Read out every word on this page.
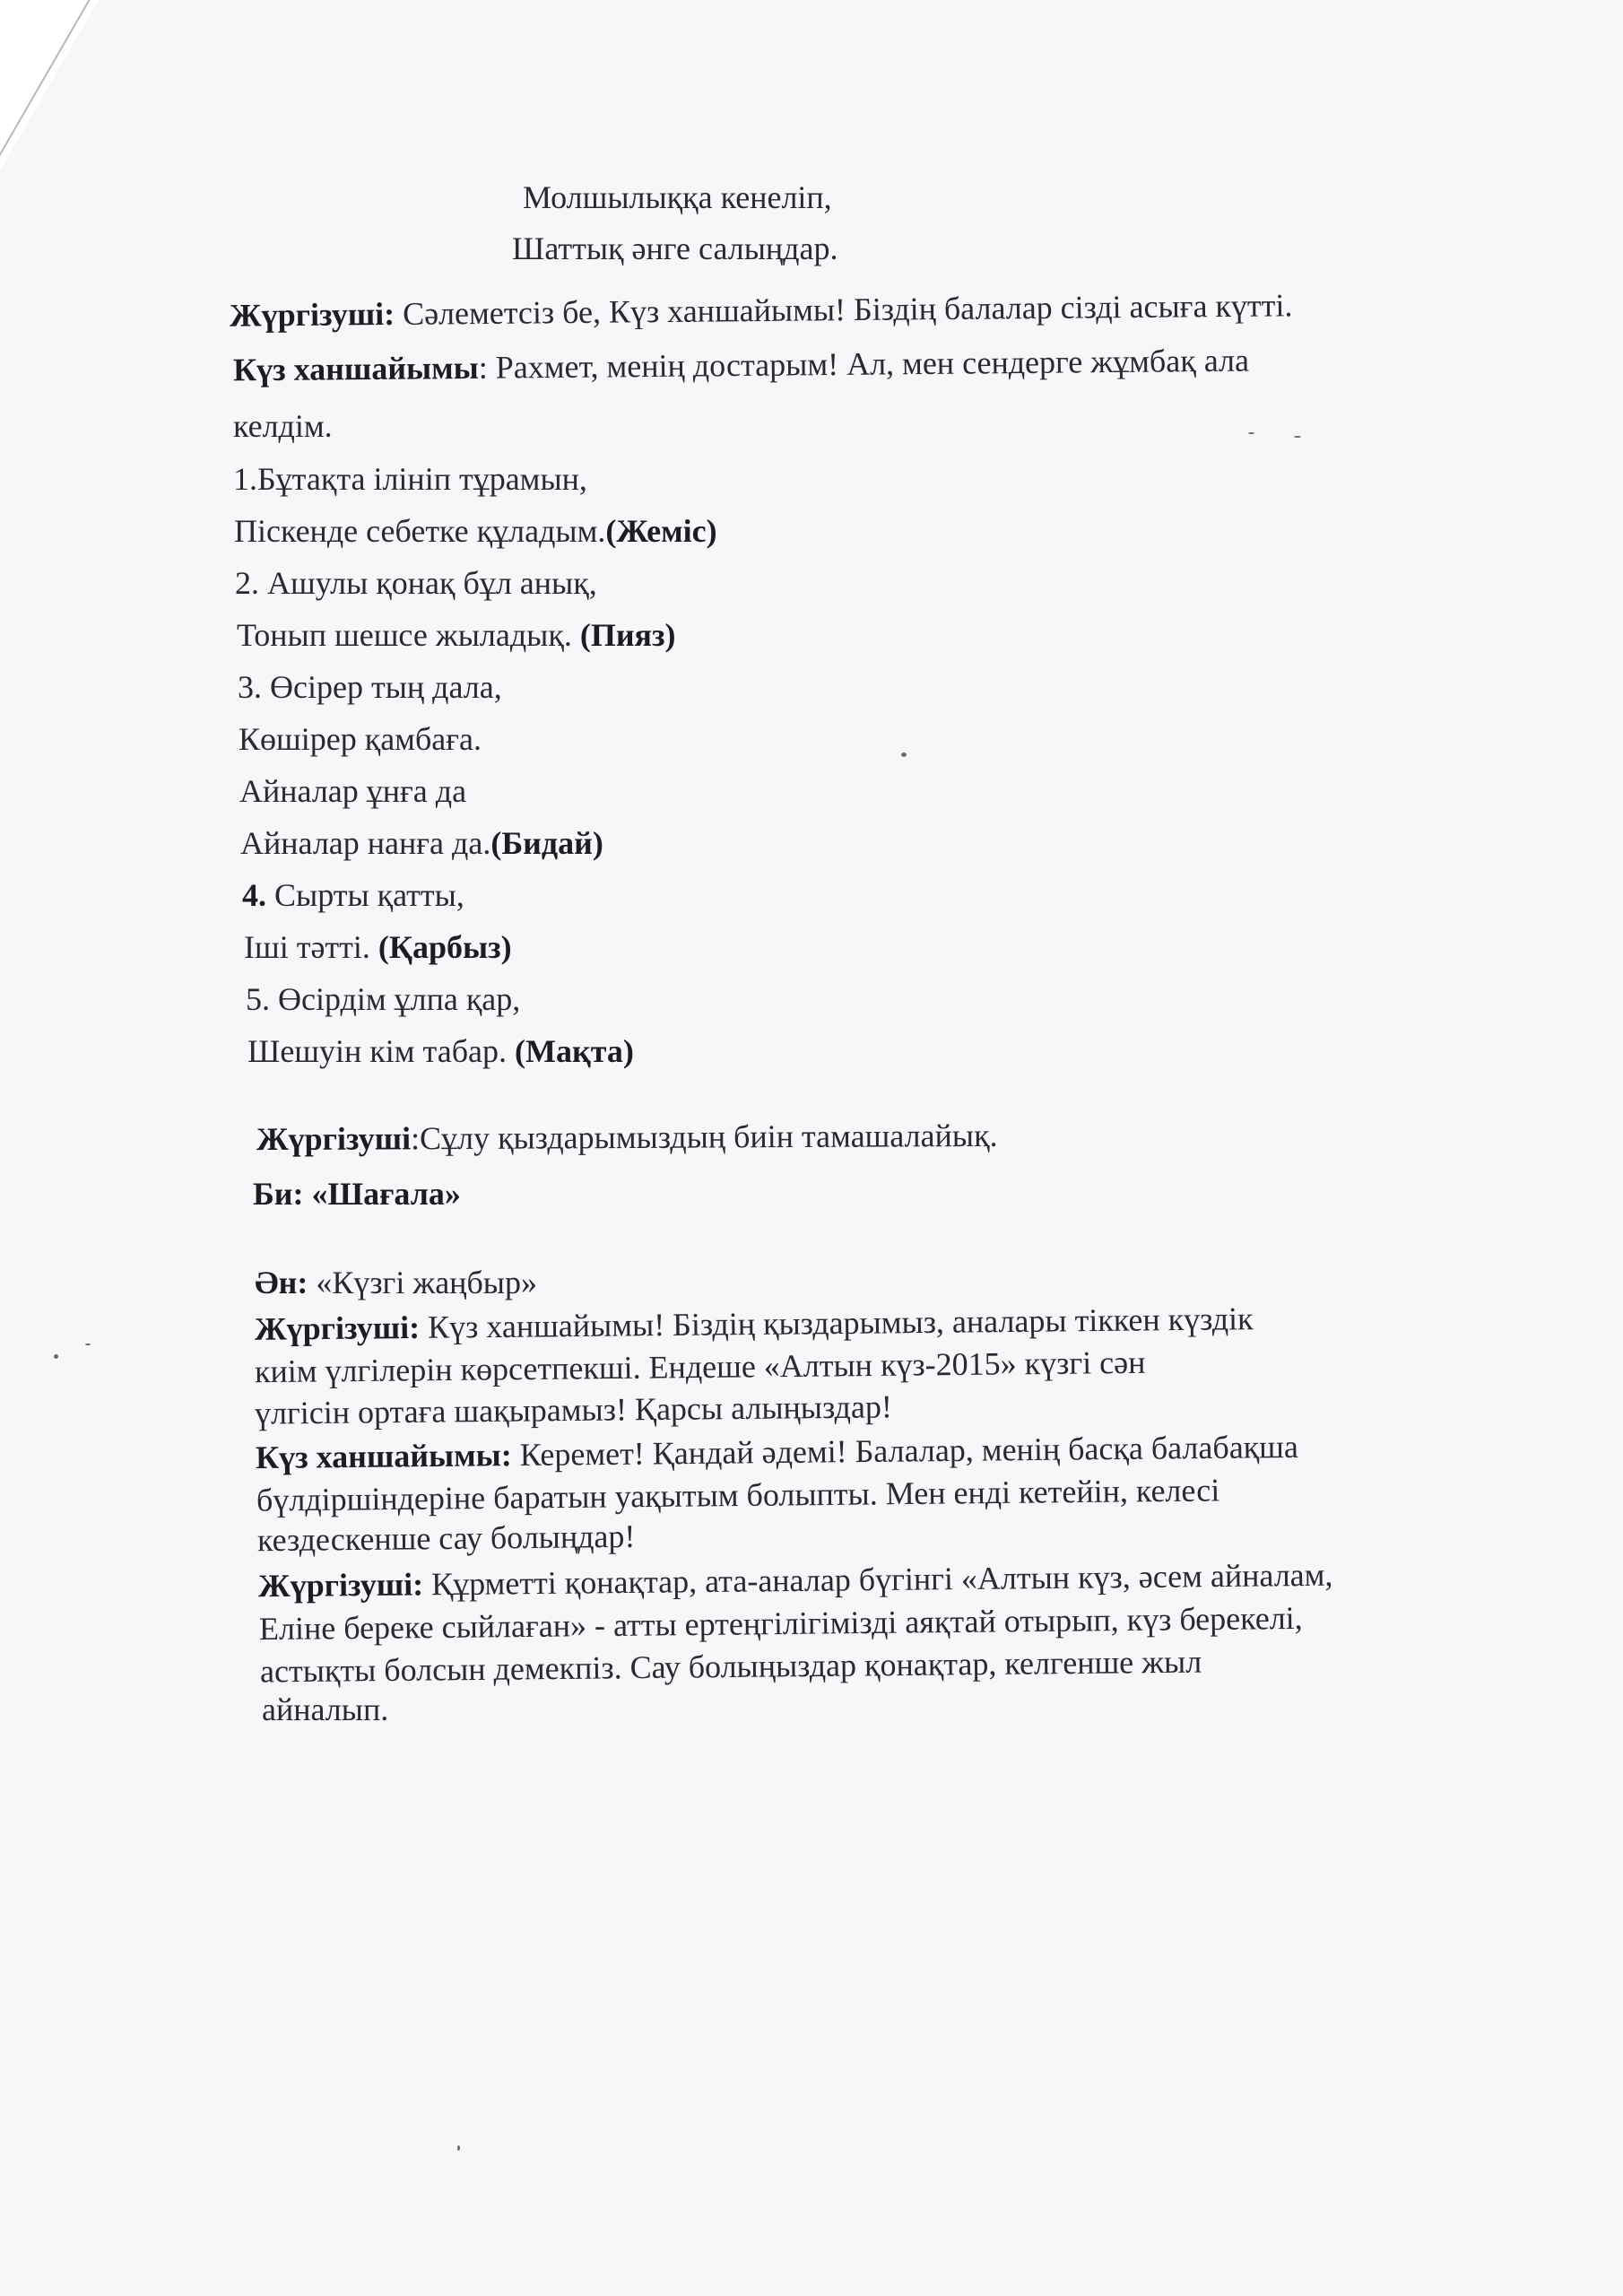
Молшылыққа кенеліп,

Шаттық әнге салыңдар.

Жүргізуші: Сәлеметсіз бе, Күз ханшайымы! Біздің балалар сізді асыға күтті.

Күз ханшайымы: Рахмет, менің достарым! Ал, мен сендерге жұмбақ ала

келдім.

1.Бұтақта ілініп тұрамын,

Піскенде себетке құладым.(Жеміс)

2. Ашулы қонақ бұл анық,

Тонып шешсе жыладық. (Пияз)

3. Өсірер тың дала,

Көшірер қамбаға.

Айналар ұнға да

Айналар нанға да.(Бидай)

4. Сырты қатты,

Іші тәтті. (Қарбыз)

5. Өсірдім ұлпа қар,

Шешуін кім табар. (Мақта)

Жүргізуші:Сұлу қыздарымыздың биін тамашалайық.

Би: «Шағала»

Ән: «Күзгі жаңбыр»

Жүргізуші: Күз ханшайымы! Біздің қыздарымыз, аналары тіккен күздік

киім үлгілерін көрсетпекші. Ендеше «Алтын күз-2015» күзгі сән

үлгісін ортаға шақырамыз! Қарсы алыңыздар!

Күз ханшайымы: Керемет! Қандай әдемі! Балалар, менің басқа балабақша

бүлдіршіндеріне баратын уақытым болыпты. Мен енді кетейін, келесі

кездескенше сау болыңдар!

Жүргізуші: Құрметті қонақтар, ата-аналар бүгінгі «Алтын күз, әсем айналам,

Еліне береке сыйлаған» - атты ертеңгілігімізді аяқтай отырып, күз берекелі,

астықты болсын демекпіз. Сау болыңыздар қонақтар, келгенше жыл

айналып.
